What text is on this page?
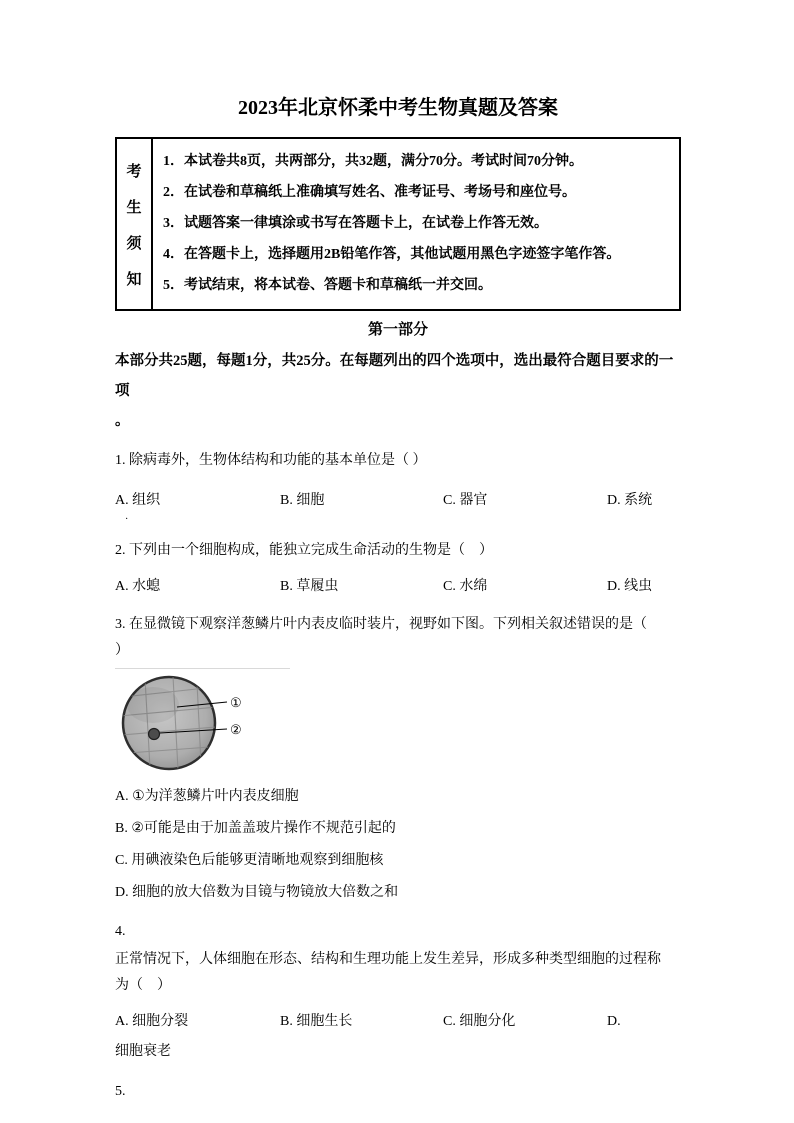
2023年北京怀柔中考生物真题及答案
考
生
须
知
1．本试卷共8页，共两部分，共32题，满分70分。考试时间70分钟。
2．在试卷和草稿纸上准确填写姓名、准考证号、考场号和座位号。
3．试题答案一律填涂或书写在答题卡上，在试卷上作答无效。
4．在答题卡上，选择题用2B铅笔作答，其他试题用黑色字迹签字笔作答。
5．考试结束，将本试卷、答题卡和草稿纸一并交回。
第一部分
本部分共25题，每题1分，共25分。在每题列出的四个选项中，选出最符合题目要求的一项
。
1. 除病毒外，生物体结构和功能的基本单位是（ ）
A. 组织	B. 细胞	C. 器官	D. 系统
·
2. 下列由一个细胞构成，能独立完成生命活动的生物是（　）
A. 水螅	B. 草履虫	C. 水绵	D. 线虫
3. 在显微镜下观察洋葱鳞片叶内表皮临时装片，视野如下图。下列相关叙述错误的是（
）
①
②
A. ①为洋葱鳞片叶内表皮细胞
B. ②可能是由于加盖盖玻片操作不规范引起的
C. 用碘液染色后能够更清晰地观察到细胞核
D. 细胞的放大倍数为目镜与物镜放大倍数之和
4.
正常情况下，人体细胞在形态、结构和生理功能上发生差异，形成多种类型细胞的过程称
为（　）
A. 细胞分裂	B. 细胞生长	C. 细胞分化	D.
细胞衰老
5.
